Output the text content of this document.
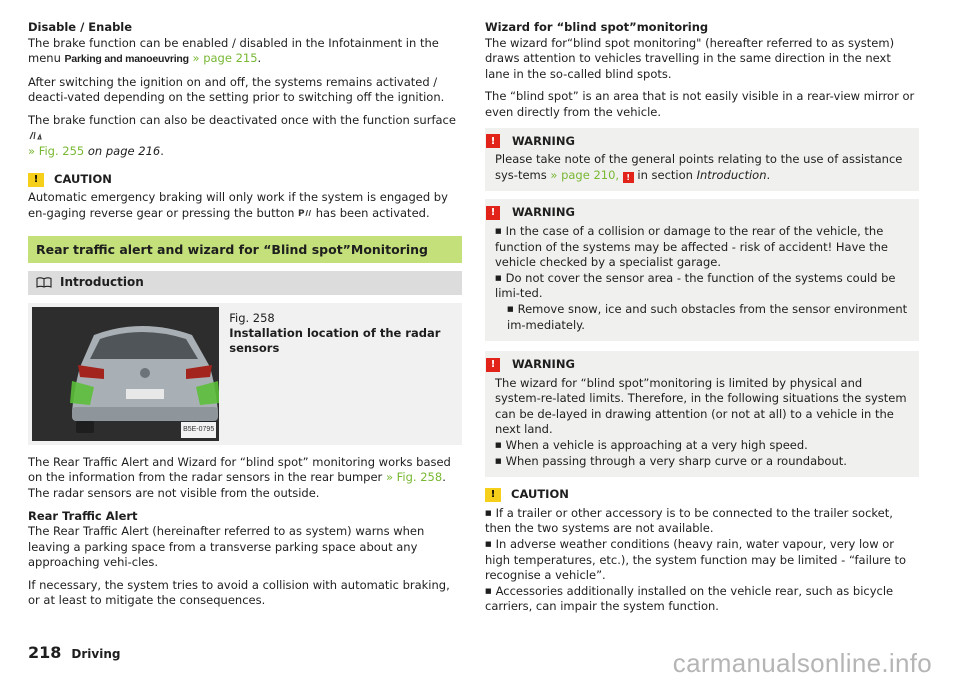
Disable / Enable
The brake function can be enabled / disabled in the Infotainment in the menu Parking and manoeuvring » page 215.

After switching the ignition on and off, the systems remains activated / deacti-vated depending on the setting prior to switching off the ignition.

The brake function can also be deactivated once with the function surface
» Fig. 255 on page 216.

!	CAUTION

Automatic emergency braking will only work if the system is engaged by en-gaging reverse gear or pressing the button P has been activated.

Rear traffic alert and wizard for “Blind spot”Monitoring
Introduction
B5E-0795
Fig. 258
Installation location of the radar sensors

The Rear Traffic Alert and Wizard for “blind spot” monitoring works based on the information from the radar sensors in the rear bumper » Fig. 258. The radar sensors are not visible from the outside.

Rear Traffic Alert
The Rear Traffic Alert (hereinafter referred to as system) warns when leaving a parking space from a transverse parking space about any approaching vehi-cles.

If necessary, the system tries to avoid a collision with automatic braking, or at least to mitigate the consequences.

Wizard for “blind spot”monitoring
The wizard for“blind spot monitoring" (hereafter referred to as system) draws attention to vehicles travelling in the same direction in the next lane in the so-called blind spots.

The “blind spot” is an area that is not easily visible in a rear-view mirror or even directly from the vehicle.

!	WARNING
Please take note of the general points relating to the use of assistance sys-tems » page 210, ! in section Introduction.
!	WARNING
■ In the case of a collision or damage to the rear of the vehicle, the function of the systems may be affected - risk of accident! Have the vehicle checked by a specialist garage.
■ Do not cover the sensor area - the function of the systems could be limi-ted.
■ Remove snow, ice and such obstacles from the sensor environment im-mediately.
!	WARNING
The wizard for “blind spot”monitoring is limited by physical and system-re-lated limits. Therefore, in the following situations the system can be de-layed in drawing attention (or not at all) to a vehicle in the next land.
■ When a vehicle is approaching at a very high speed.
■ When passing through a very sharp curve or a roundabout.
!	CAUTION
■ If a trailer or other accessory is to be connected to the trailer socket, then the two systems are not available.
■ In adverse weather conditions (heavy rain, water vapour, very low or high temperatures, etc.), the system function may be limited - “failure to recognise a vehicle”.
■ Accessories additionally installed on the vehicle rear, such as bicycle carriers, can impair the system function.
218 Driving	carmanualsonline.info
